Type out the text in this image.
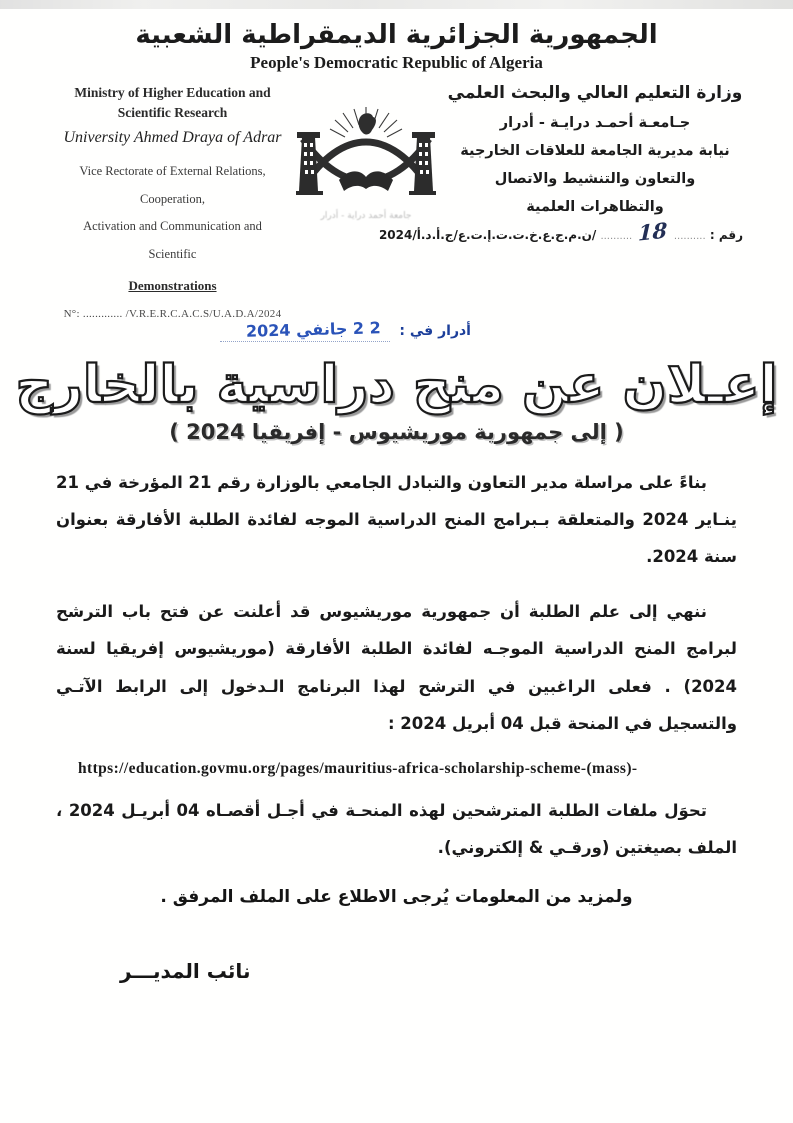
الجمهورية الجزائرية الديمقراطية الشعبية
People's Democratic Republic of Algeria
Ministry of Higher Education and
Scientific Research
University Ahmed Draya of Adrar
Vice Rectorate of External Relations, Cooperation,
Activation and Communication and Scientific
Demonstrations
N°: ............. /V.R.E.R.C.A.C.S/U.A.D.A/2024
جامعة أحمد دراية - أدرار
وزارة التعليم العالي والبحث العلمي
جـامعـة أحمـد درايـة - أدرار
نيابة مديرية الجامعة للعلاقات الخارجية
والتعاون والتنشيط والاتصال
والتظاهرات العلمية
رقم : .......... 18 .......... /ن.م.ج.ع.خ.ت.ت.إ.ت.ع/ج.أ.د.أ/2024
أدرار في : 2 2 جانفي 2024
إعـلان عن منح دراسية بالخارج
( إلى جمهورية موريشيوس - إفريقيا 2024 )

بناءً على مراسلة مدير التعاون والتبادل الجامعي بالوزارة رقم 21 المؤرخة في 21 ينـاير 2024 والمتعلقة بـبرامج المنح الدراسية الموجه لفائدة الطلبة الأفارقة بعنوان سنة 2024.

ننهي إلى علم الطلبة أن جمهورية موريشيوس قد أعلنت عن فتح باب الترشح لبرامج المنح الدراسية الموجـه لفائدة الطلبة الأفارقة (موريشيوس إفريقيا لسنة 2024) . فعلى الراغبين في الترشح لهذا البرنامج الـدخول إلى الرابط الآتـي والتسجيل في المنحة قبل 04 أبريل 2024 :

https://education.govmu.org/pages/mauritius-africa-scholarship-scheme-(mass)-

تحوَل ملفات الطلبة المترشحين لهذه المنحـة في أجـل أقصـاه 04 أبريـل 2024 ، الملف بصيغتين (ورقـي & إلكتروني).

ولمزيد من المعلومات يُرجى الاطلاع على الملف المرفق .
نائب المديـــر
